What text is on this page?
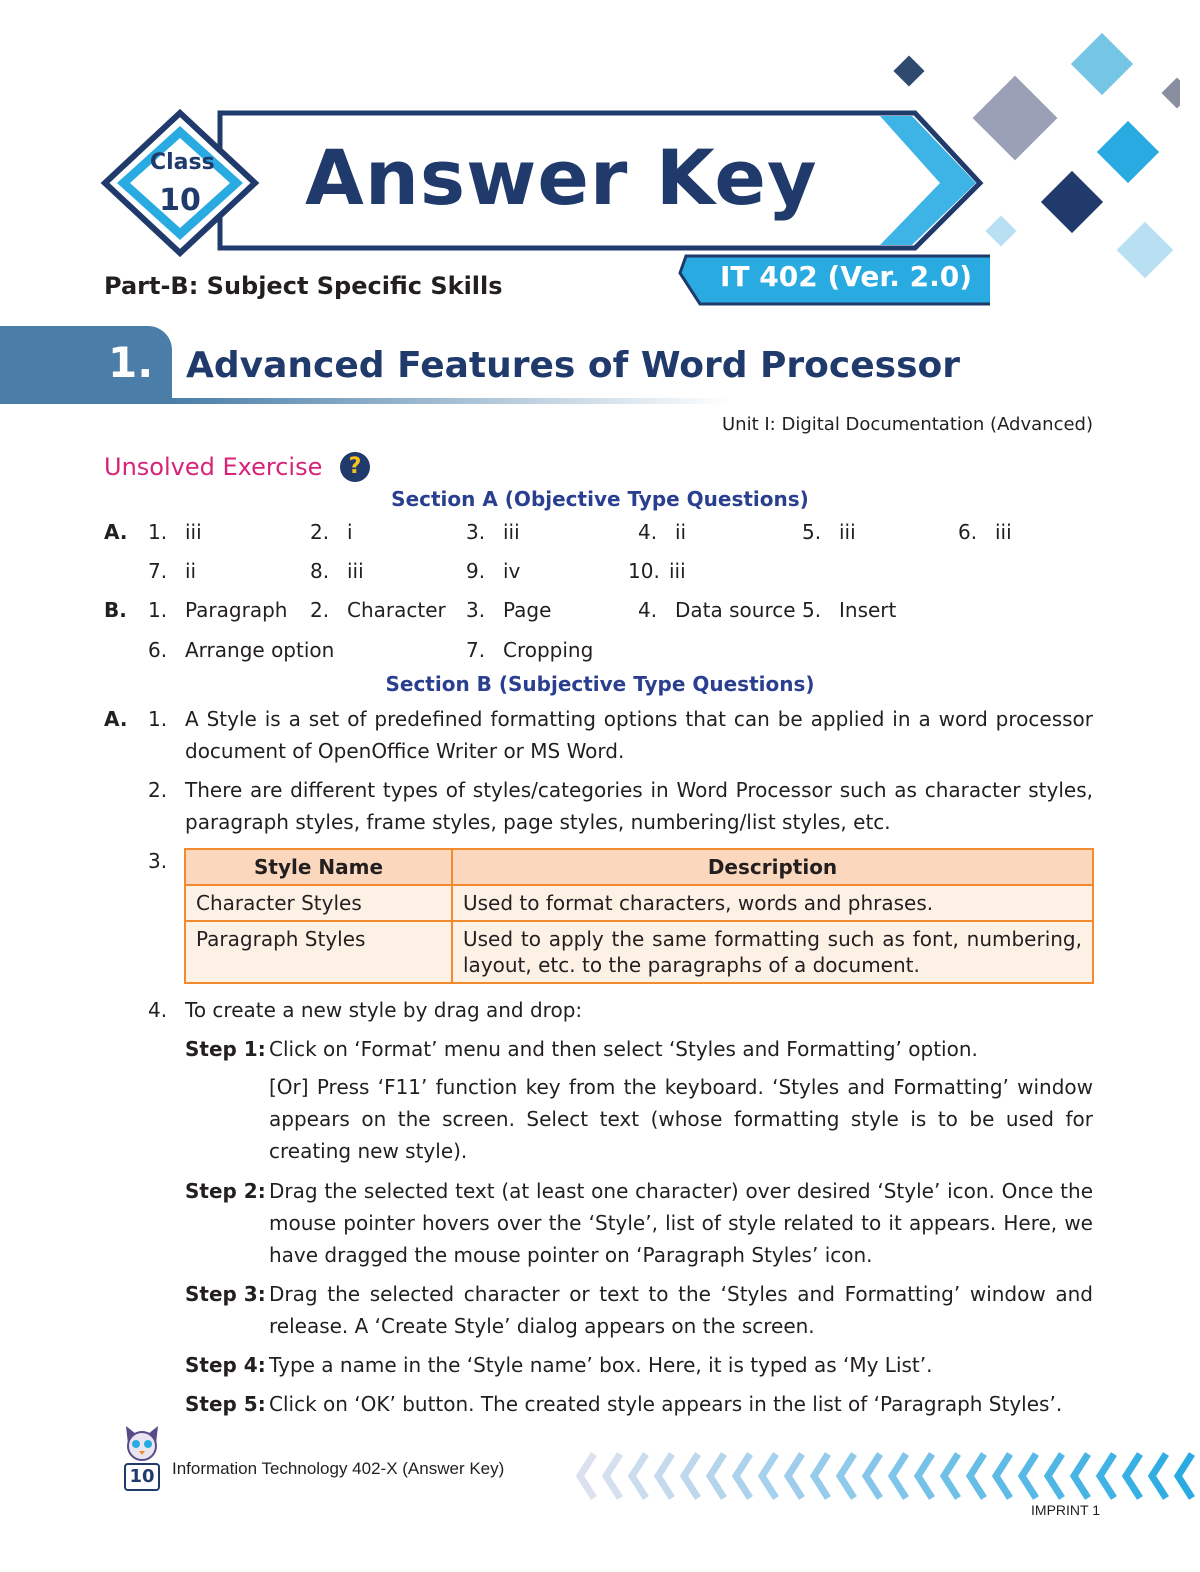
Class
10 Answer Key
Part-B: Subject Specific Skills	IT 402 (Ver. 2.0)
1. Advanced Features of Word Processor
Unit I: Digital Documentation (Advanced)
Unsolved Exercise	?
Section A (Objective Type Questions)
A. 1. iii	2. i	3. iii	4. ii	5. iii	6. iii
7. ii	8. iii	9. iv	10. iii
B. 1. Paragraph 2. Character 3. Page	4. Data source 5. Insert
6. Arrange option	7. Cropping
Section B (Subjective Type Questions)
A. 1. A Style is a set of predefined formatting options that can be applied in a word processor document of OpenOffice Writer or MS Word.
2. There are different types of styles/categories in Word Processor such as character styles, paragraph styles, frame styles, page styles, numbering/list styles, etc.
3.	Style Name	Description
Character Styles	Used to format characters, words and phrases.
Paragraph Styles	Used to apply the same formatting such as font, numbering, layout, etc. to the paragraphs of a document.
4. To create a new style by drag and drop:
Step 1: Click on ‘Format’ menu and then select ‘Styles and Formatting’ option.
[Or] Press ‘F11’ function key from the keyboard. ‘Styles and Formatting’ window appears on the screen. Select text (whose formatting style is to be used for creating new style).
Step 2: Drag the selected text (at least one character) over desired ‘Style’ icon. Once the mouse pointer hovers over the ‘Style’, list of style related to it appears. Here, we have dragged the mouse pointer on ‘Paragraph Styles’ icon.
Step 3: Drag the selected character or text to the ‘Styles and Formatting’ window and release. A ‘Create Style’ dialog appears on the screen.
Step 4: Type a name in the ‘Style name’ box. Here, it is typed as ‘My List’.
Step 5: Click on ‘OK’ button. The created style appears in the list of ‘Paragraph Styles’.
10	Information Technology 402-X (Answer Key)
IMPRINT 1
